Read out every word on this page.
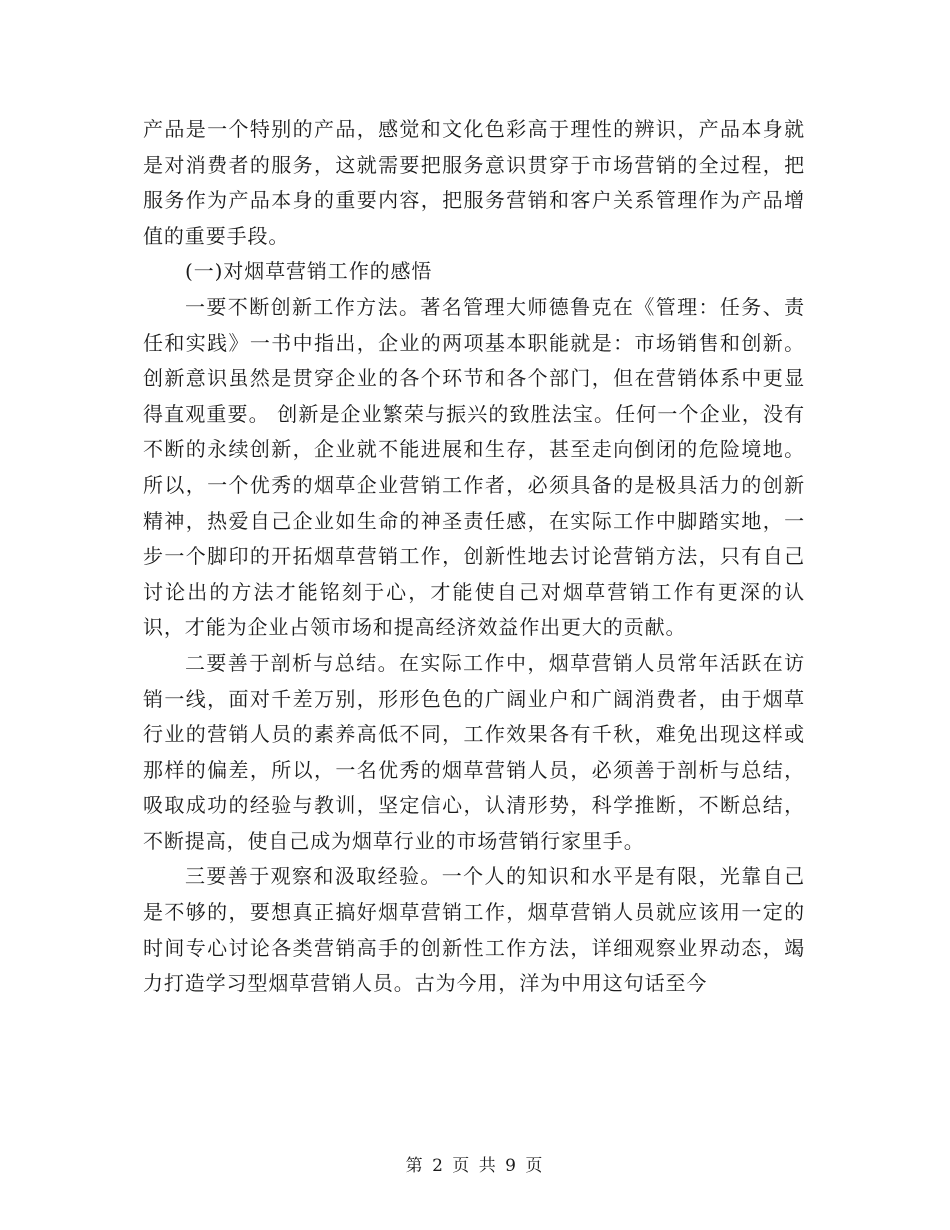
产品是一个特别的产品，感觉和文化色彩高于理性的辨识，产品本身就是对消费者的服务，这就需要把服务意识贯穿于市场营销的全过程，把服务作为产品本身的重要内容，把服务营销和客户关系管理作为产品增值的重要手段。

(一)对烟草营销工作的感悟

一要不断创新工作方法。著名管理大师德鲁克在《管理：任务、责任和实践》一书中指出，企业的两项基本职能就是：市场销售和创新。创新意识虽然是贯穿企业的各个环节和各个部门，但在营销体系中更显得直观重要。 创新是企业繁荣与振兴的致胜法宝。任何一个企业，没有不断的永续创新，企业就不能进展和生存，甚至走向倒闭的危险境地。所以，一个优秀的烟草企业营销工作者，必须具备的是极具活力的创新精神，热爱自己企业如生命的神圣责任感，在实际工作中脚踏实地，一步一个脚印的开拓烟草营销工作，创新性地去讨论营销方法，只有自己讨论出的方法才能铭刻于心，才能使自己对烟草营销工作有更深的认识，才能为企业占领市场和提高经济效益作出更大的贡献。

二要善于剖析与总结。在实际工作中，烟草营销人员常年活跃在访销一线，面对千差万别，形形色色的广阔业户和广阔消费者，由于烟草行业的营销人员的素养高低不同，工作效果各有千秋，难免出现这样或那样的偏差，所以，一名优秀的烟草营销人员，必须善于剖析与总结，吸取成功的经验与教训，坚定信心，认清形势，科学推断，不断总结，不断提高，使自己成为烟草行业的市场营销行家里手。

三要善于观察和汲取经验。一个人的知识和水平是有限，光靠自己是不够的，要想真正搞好烟草营销工作，烟草营销人员就应该用一定的时间专心讨论各类营销高手的创新性工作方法，详细观察业界动态，竭力打造学习型烟草营销人员。古为今用，洋为中用这句话至今

第 2 页 共 9 页
